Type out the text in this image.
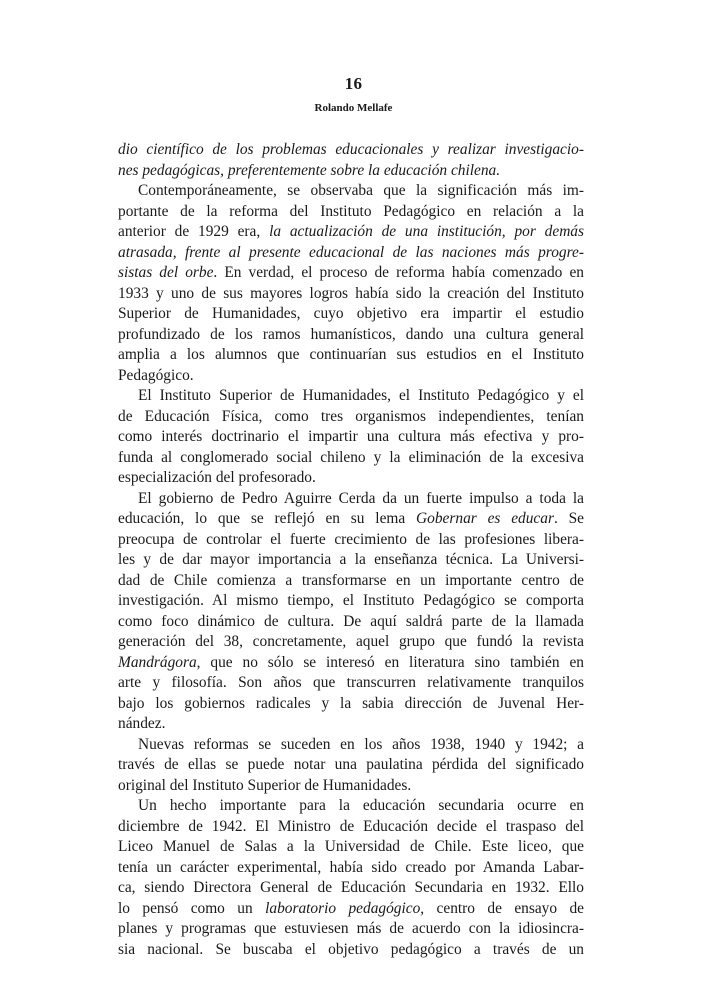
16
Rolando Mellafe
dio científico de los problemas educacionales y realizar investigacio-
nes pedagógicas, preferentemente sobre la educación chilena.
Contemporáneamente, se observaba que la significación más im-
portante de la reforma del Instituto Pedagógico en relación a la
anterior de 1929 era, la actualización de una institución, por demás
atrasada, frente al presente educacional de las naciones más progre-
sistas del orbe. En verdad, el proceso de reforma había comenzado en
1933 y uno de sus mayores logros había sido la creación del Instituto
Superior de Humanidades, cuyo objetivo era impartir el estudio
profundizado de los ramos humanísticos, dando una cultura general
amplia a los alumnos que continuarían sus estudios en el Instituto
Pedagógico.
El Instituto Superior de Humanidades, el Instituto Pedagógico y el
de Educación Física, como tres organismos independientes, tenían
como interés doctrinario el impartir una cultura más efectiva y pro-
funda al conglomerado social chileno y la eliminación de la excesiva
especialización del profesorado.
El gobierno de Pedro Aguirre Cerda da un fuerte impulso a toda la
educación, lo que se reflejó en su lema Gobernar es educar. Se
preocupa de controlar el fuerte crecimiento de las profesiones libera-
les y de dar mayor importancia a la enseñanza técnica. La Universi-
dad de Chile comienza a transformarse en un importante centro de
investigación. Al mismo tiempo, el Instituto Pedagógico se comporta
como foco dinámico de cultura. De aquí saldrá parte de la llamada
generación del 38, concretamente, aquel grupo que fundó la revista
Mandrágora, que no sólo se interesó en literatura sino también en
arte y filosofía. Son años que transcurren relativamente tranquilos
bajo los gobiernos radicales y la sabia dirección de Juvenal Her-
nández.
Nuevas reformas se suceden en los años 1938, 1940 y 1942; a
través de ellas se puede notar una paulatina pérdida del significado
original del Instituto Superior de Humanidades.
Un hecho importante para la educación secundaria ocurre en
diciembre de 1942. El Ministro de Educación decide el traspaso del
Liceo Manuel de Salas a la Universidad de Chile. Este liceo, que
tenía un carácter experimental, había sido creado por Amanda Labar-
ca, siendo Directora General de Educación Secundaria en 1932. Ello
lo pensó como un laboratorio pedagógico, centro de ensayo de
planes y programas que estuviesen más de acuerdo con la idiosincra-
sia nacional. Se buscaba el objetivo pedagógico a través de un
